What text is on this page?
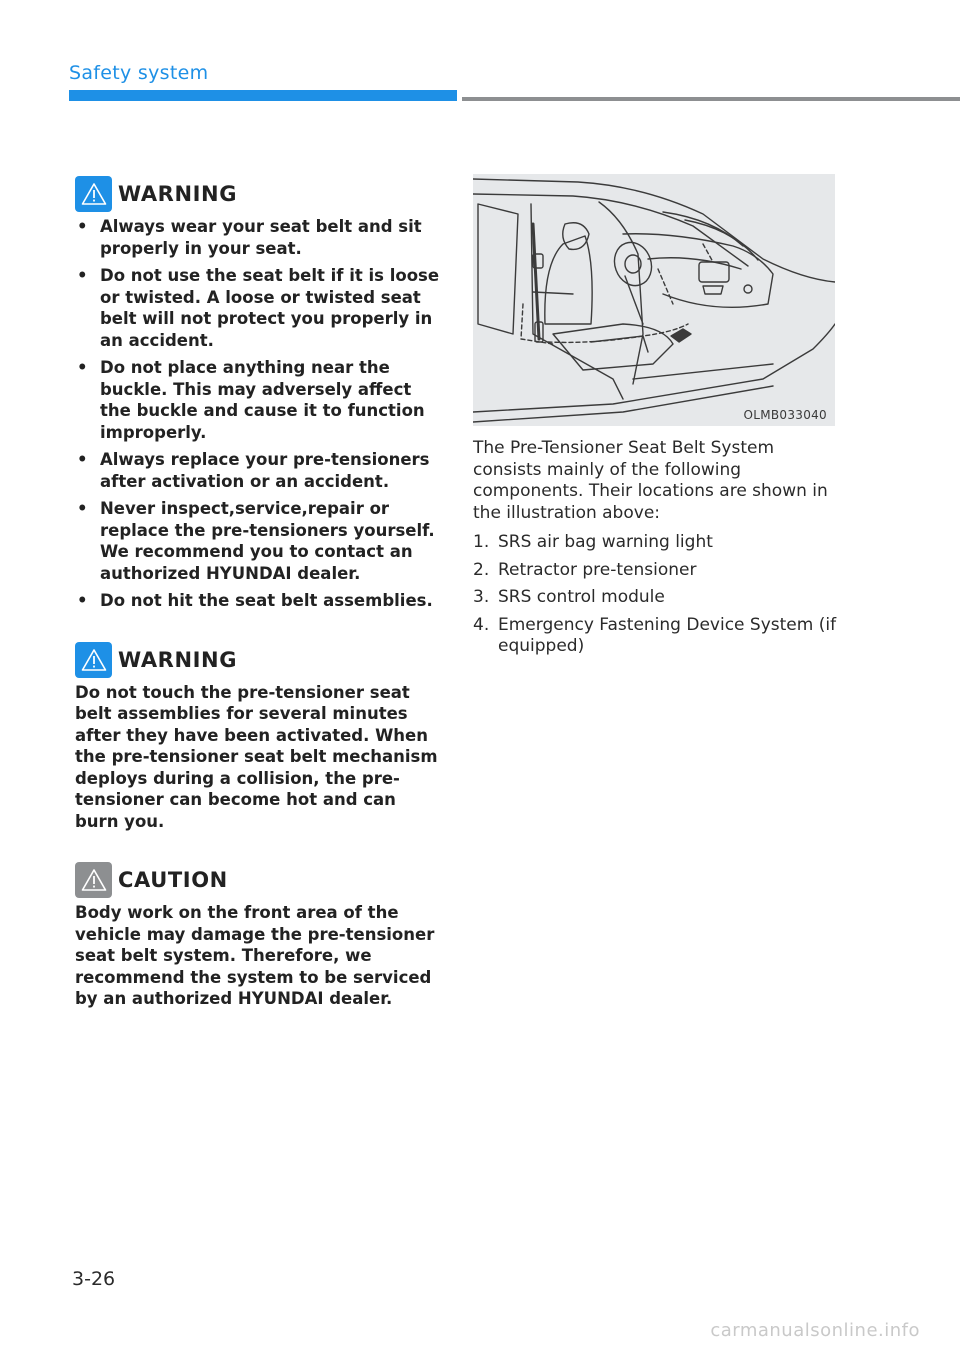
Safety system
WARNING
• Always wear your seat belt and sit properly in your seat.
• Do not use the seat belt if it is loose or twisted. A loose or twisted seat belt will not protect you properly in an accident.
• Do not place anything near the buckle. This may adversely affect the buckle and cause it to function improperly.
• Always replace your pre-tensioners after activation or an accident.
• Never inspect,service,repair or replace the pre-tensioners yourself. We recommend you to contact an authorized HYUNDAI dealer.
• Do not hit the seat belt assemblies.
WARNING

Do not touch the pre-tensioner seat belt assemblies for several minutes after they have been activated. When the pre-tensioner seat belt mechanism deploys during a collision, the pre-tensioner can become hot and can burn you.

CAUTION

Body work on the front area of the vehicle may damage the pre-tensioner seat belt system. Therefore, we recommend the system to be serviced by an authorized HYUNDAI dealer.

OLMB033040

The Pre-Tensioner Seat Belt System consists mainly of the following components. Their locations are shown in the illustration above:

1. SRS air bag warning light
2. Retractor pre-tensioner
3. SRS control module
4. Emergency Fastening Device System (if equipped)
3-26
carmanualsonline.info
